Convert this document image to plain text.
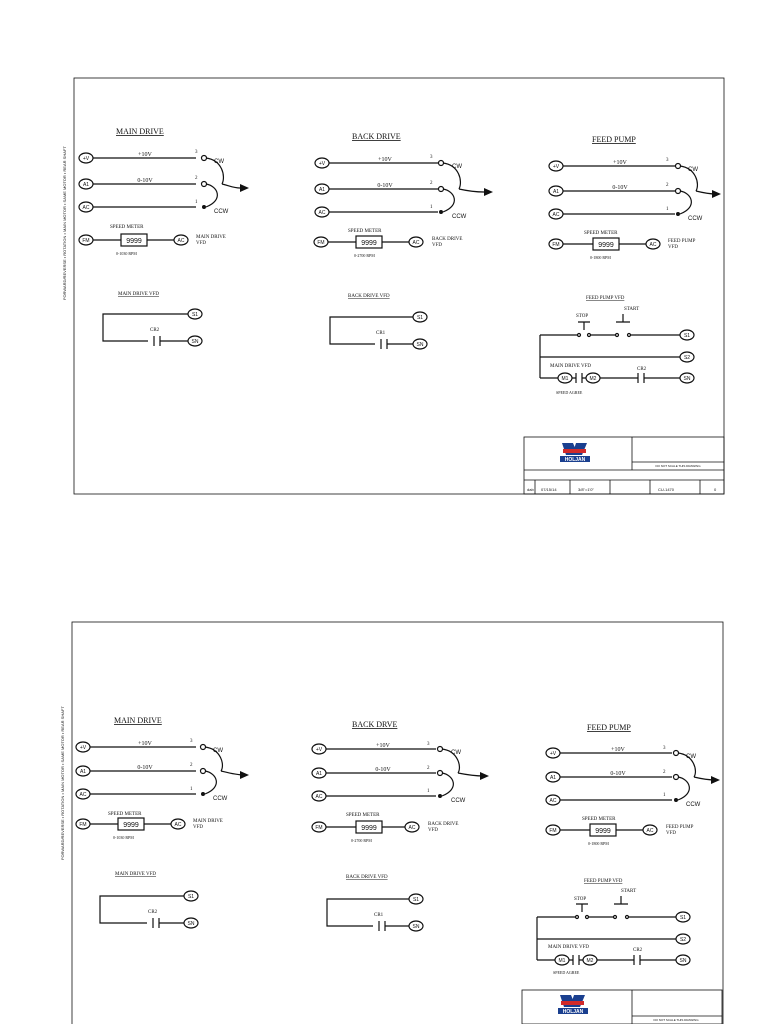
FORWARD/REVERSE • ROTATION • MAIN MOTOR • SAME MOTOR • REAR SHAFT
MAIN DRIVE
+V
A1
AC
+10V
0-10V
3
2
1
CW
CCW
SPEED METER
FM	9999	AC
MAIN DRIVE
VFD
0-1030 RPM
BACK DRIVE
+V
A1
AC
+10V
0-10V
3
2
1
CW
CCW
SPEED METER
FM	9999	AC
BACK DRIVE
VFD
0-2700 RPM
FEED PUMP
+V
A1
AC
+10V
0-10V
3
2
1
CW
CCW
SPEED METER
FM	9999	AC
FEED PUMP
VFD
0-1800 RPM
MAIN DRIVE VFD
S1
SN
CR2
BACK DRIVE VFD
S1
SN
CR1
FEED PUMP VFD
START
STOP
S1
S2
SN
MAIN DRIVE VFD
M1	M2
CR2
SPEED AGREE
HOLJAN
DO NOT SCALE THIS DRAWING
dab 07/15/14	3/8"=1'0"	CU-1470	0
FORWARD/REVERSE • ROTATION • MAIN MOTOR • SAME MOTOR • REAR SHAFT	MAIN DRIVE
+V
A1
AC
+10V
0-10V
3
2
1
CW
CCW
SPEED METER
FM	9999	AC
MAIN DRIVE
VFD
0-1030 RPM
BACK DRVE
+V
A1
AC
+10V
0-10V
3
2
1
CW
CCW
SPEED METER
FM	9999	AC
BACK DRIVE
VFD
0-2700 RPM
FEED PUMP
+V
A1
AC
+10V
0-10V
3
2
1
CW
CCW
SPEED METER
FM	9999	AC
FEED PUMP
VFD
0-1800 RPM
MAIN DRIVE VFD
S1
SN
CR2
BACK DRIVE VFD
S1
SN
CR1
FEED PUMP VFD
START
STOP
S1
S2
SN
MAIN DRIVE VFD
M1	M2
CR2
SPEED AGREE
HOLJAN
DO NOT SCALE THIS DRAWING
